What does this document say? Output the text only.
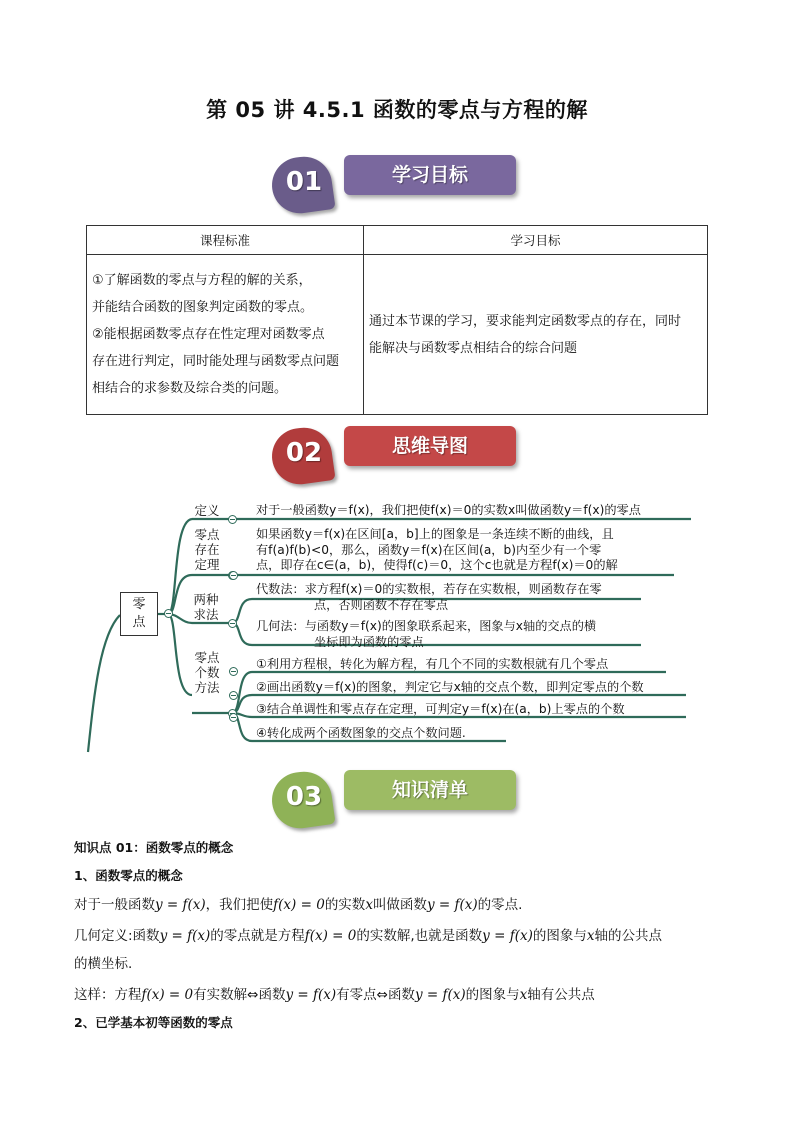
第 05 讲 4.5.1 函数的零点与方程的解
01	学习目标
课程标准	学习目标

①了解函数的零点与方程的解的关系，
并能结合函数的图象判定函数的零点。
②能根据函数零点存在性定理对函数零点
存在进行判定，同时能处理与函数零点问题
相结合的求参数及综合类的问题。	通过本节课的学习，要求能判定函数零点的存在，同时
能解决与函数零点相结合的综合问题
02	思维导图
零点
定义
零点存在定理
两种求法
零点个数方法
对于一般函数y＝f(x)，我们把使f(x)＝0的实数x叫做函数y＝f(x)的零点
如果函数y＝f(x)在区间[a，b]上的图象是一条连续不断的曲线，且
有f(a)f(b)<0，那么，函数y＝f(x)在区间(a，b)内至少有一个零
点，即存在c∈(a，b)，使得f(c)＝0，这个c也就是方程f(x)＝0的解
代数法：求方程f(x)＝0的实数根，若存在实数根，则函数存在零
点，否则函数不存在零点
几何法：与函数y＝f(x)的图象联系起来，图象与x轴的交点的横
坐标即为函数的零点
①利用方程根，转化为解方程，有几个不同的实数根就有几个零点
②画出函数y＝f(x)的图象，判定它与x轴的交点个数，即判定零点的个数
③结合单调性和零点存在定理，可判定y＝f(x)在(a，b)上零点的个数
④转化成两个函数图象的交点个数问题.
03	知识清单
知识点 01：函数零点的概念
1、函数零点的概念
对于一般函数y = f(x)，我们把使f(x) = 0的实数x叫做函数y = f(x)的零点.
几何定义:函数y = f(x)的零点就是方程f(x) = 0的实数解,也就是函数y = f(x)的图象与x轴的公共点
的横坐标.
这样：方程f(x) = 0有实数解⇔函数y = f(x)有零点⇔函数y = f(x)的图象与x轴有公共点
2、已学基本初等函数的零点
